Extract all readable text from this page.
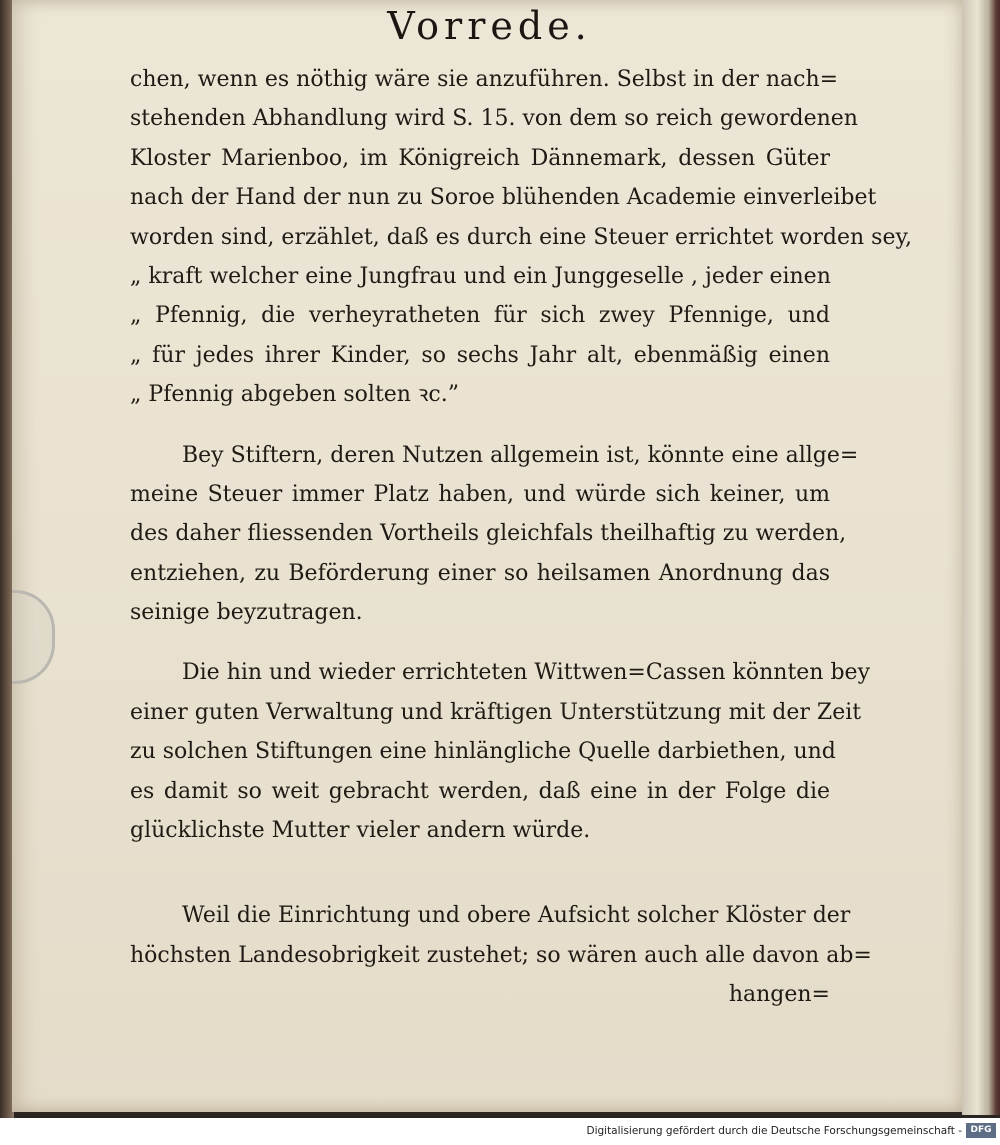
Vorrede.
chen, wenn es nöthig wäre sie anzuführen. Selbst in der nach=
stehenden Abhandlung wird S. 15. von dem so reich gewordenen
Kloster Marienboo, im Königreich Dännemark, dessen Güter
nach der Hand der nun zu Soroe blühenden Academie einverleibet
worden sind, erzählet, daß es durch eine Steuer errichtet worden sey,
„ kraft welcher eine Jungfrau und ein Junggeselle , jeder einen
„ Pfennig, die verheyratheten für sich zwey Pfennige, und
„ für jedes ihrer Kinder, so sechs Jahr alt, ebenmäßig einen
„ Pfennig abgeben solten ꝛc.”
Bey Stiftern, deren Nutzen allgemein ist, könnte eine allge=
meine Steuer immer Platz haben, und würde sich keiner, um
des daher fliessenden Vortheils gleichfals theilhaftig zu werden,
entziehen, zu Beförderung einer so heilsamen Anordnung das
seinige beyzutragen.
Die hin und wieder errichteten Wittwen=Cassen könnten bey
einer guten Verwaltung und kräftigen Unterstützung mit der Zeit
zu solchen Stiftungen eine hinlängliche Quelle darbiethen, und
es damit so weit gebracht werden, daß eine in der Folge die
glücklichste Mutter vieler andern würde.
Weil die Einrichtung und obere Aufsicht solcher Klöster der
höchsten Landesobrigkeit zustehet; so wären auch alle davon ab=
hangen=
Digitalisierung gefördert durch die Deutsche Forschungsgemeinschaft - DFG
